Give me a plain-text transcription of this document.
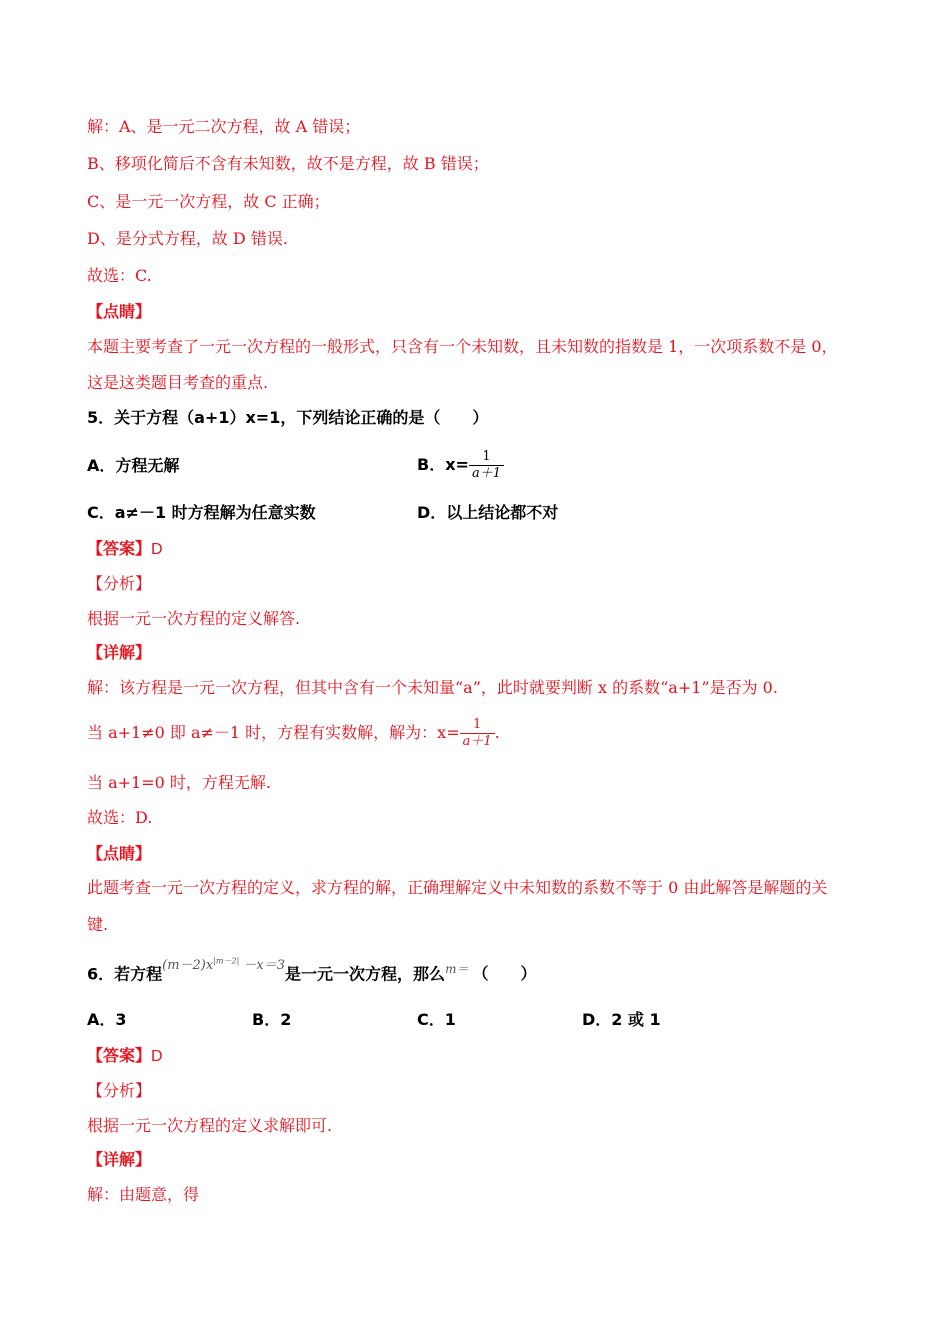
解：A、是一元二次方程，故 A 错误；
B、移项化简后不含有未知数，故不是方程，故 B 错误；
C、是一元一次方程，故 C 正确；
D、是分式方程，故 D 错误.
故选：C.
【点睛】
本题主要考查了一元一次方程的一般形式，只含有一个未知数，且未知数的指数是 1，一次项系数不是 0，
这是这类题目考查的重点.
5．关于方程（a+1）x=1，下列结论正确的是（　　）
A．方程无解	B．$x= \frac{1}{a+1}$
C．a≠－1 时方程解为任意实数	D．以上结论都不对
【答案】D
【分析】
根据一元一次方程的定义解答.
【详解】
解：该方程是一元一次方程，但其中含有一个未知量“a”，此时就要判断 x 的系数“a+1”是否为 0.
当 a+1≠0 即 a≠－1 时，方程有实数解，解为：$x= \frac{1}{a+1}$ .
当 a+1=0 时，方程无解.
故选：D.
【点睛】
此题考查一元一次方程的定义，求方程的解，正确理解定义中未知数的系数不等于 0 由此解答是解题的关
键.
6．若方程$^{(m-2)x^{|m-2|} -x=3}$是一元一次方程，那么$^{m=}$ （　　）
A．3	B．2	C．1	D．2 或 1
【答案】D
【分析】
根据一元一次方程的定义求解即可.
【详解】
解：由题意，得
